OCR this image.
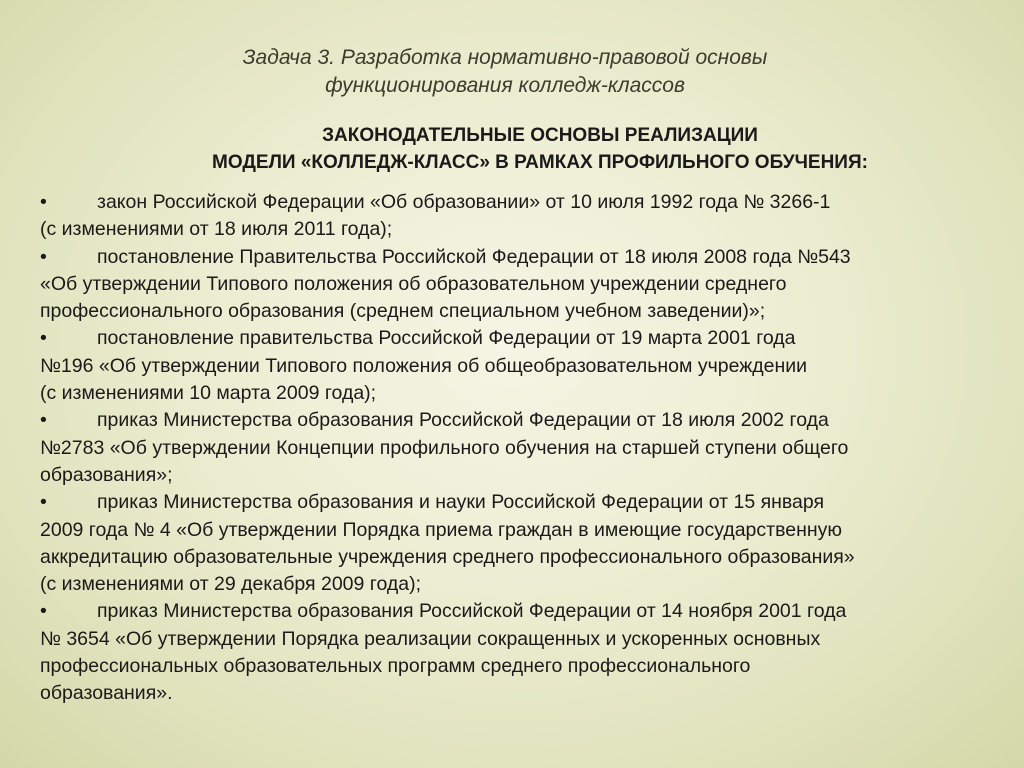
Задача 3. Разработка нормативно-правовой основы
функционирования колледж-классов
ЗАКОНОДАТЕЛЬНЫЕ ОСНОВЫ РЕАЛИЗАЦИИ
МОДЕЛИ «КОЛЛЕДЖ-КЛАСС» В РАМКАХ ПРОФИЛЬНОГО ОБУЧЕНИЯ:
•	закон Российской Федерации «Об образовании» от 10 июля 1992 года № 3266-1
(с изменениями от 18 июля 2011 года);
•	постановление Правительства Российской Федерации от 18 июля 2008 года №543
«Об утверждении Типового положения об образовательном учреждении среднего
профессионального образования (среднем специальном учебном заведении)»;
•	постановление правительства Российской Федерации от 19 марта 2001 года
№196 «Об утверждении Типового положения об общеобразовательном учреждении
(с изменениями 10 марта 2009 года);
•	приказ Министерства образования Российской Федерации от 18 июля 2002 года
№2783 «Об утверждении Концепции профильного обучения на старшей ступени общего
образования»;
•	приказ Министерства образования и науки Российской Федерации от 15 января
2009 года № 4 «Об утверждении Порядка приема граждан в имеющие государственную
аккредитацию образовательные учреждения среднего профессионального образования»
(с изменениями от 29 декабря 2009 года);
•	приказ Министерства образования Российской Федерации от 14 ноября 2001 года
№ 3654 «Об утверждении Порядка реализации сокращенных и ускоренных основных
профессиональных образовательных программ среднего профессионального
образования».
